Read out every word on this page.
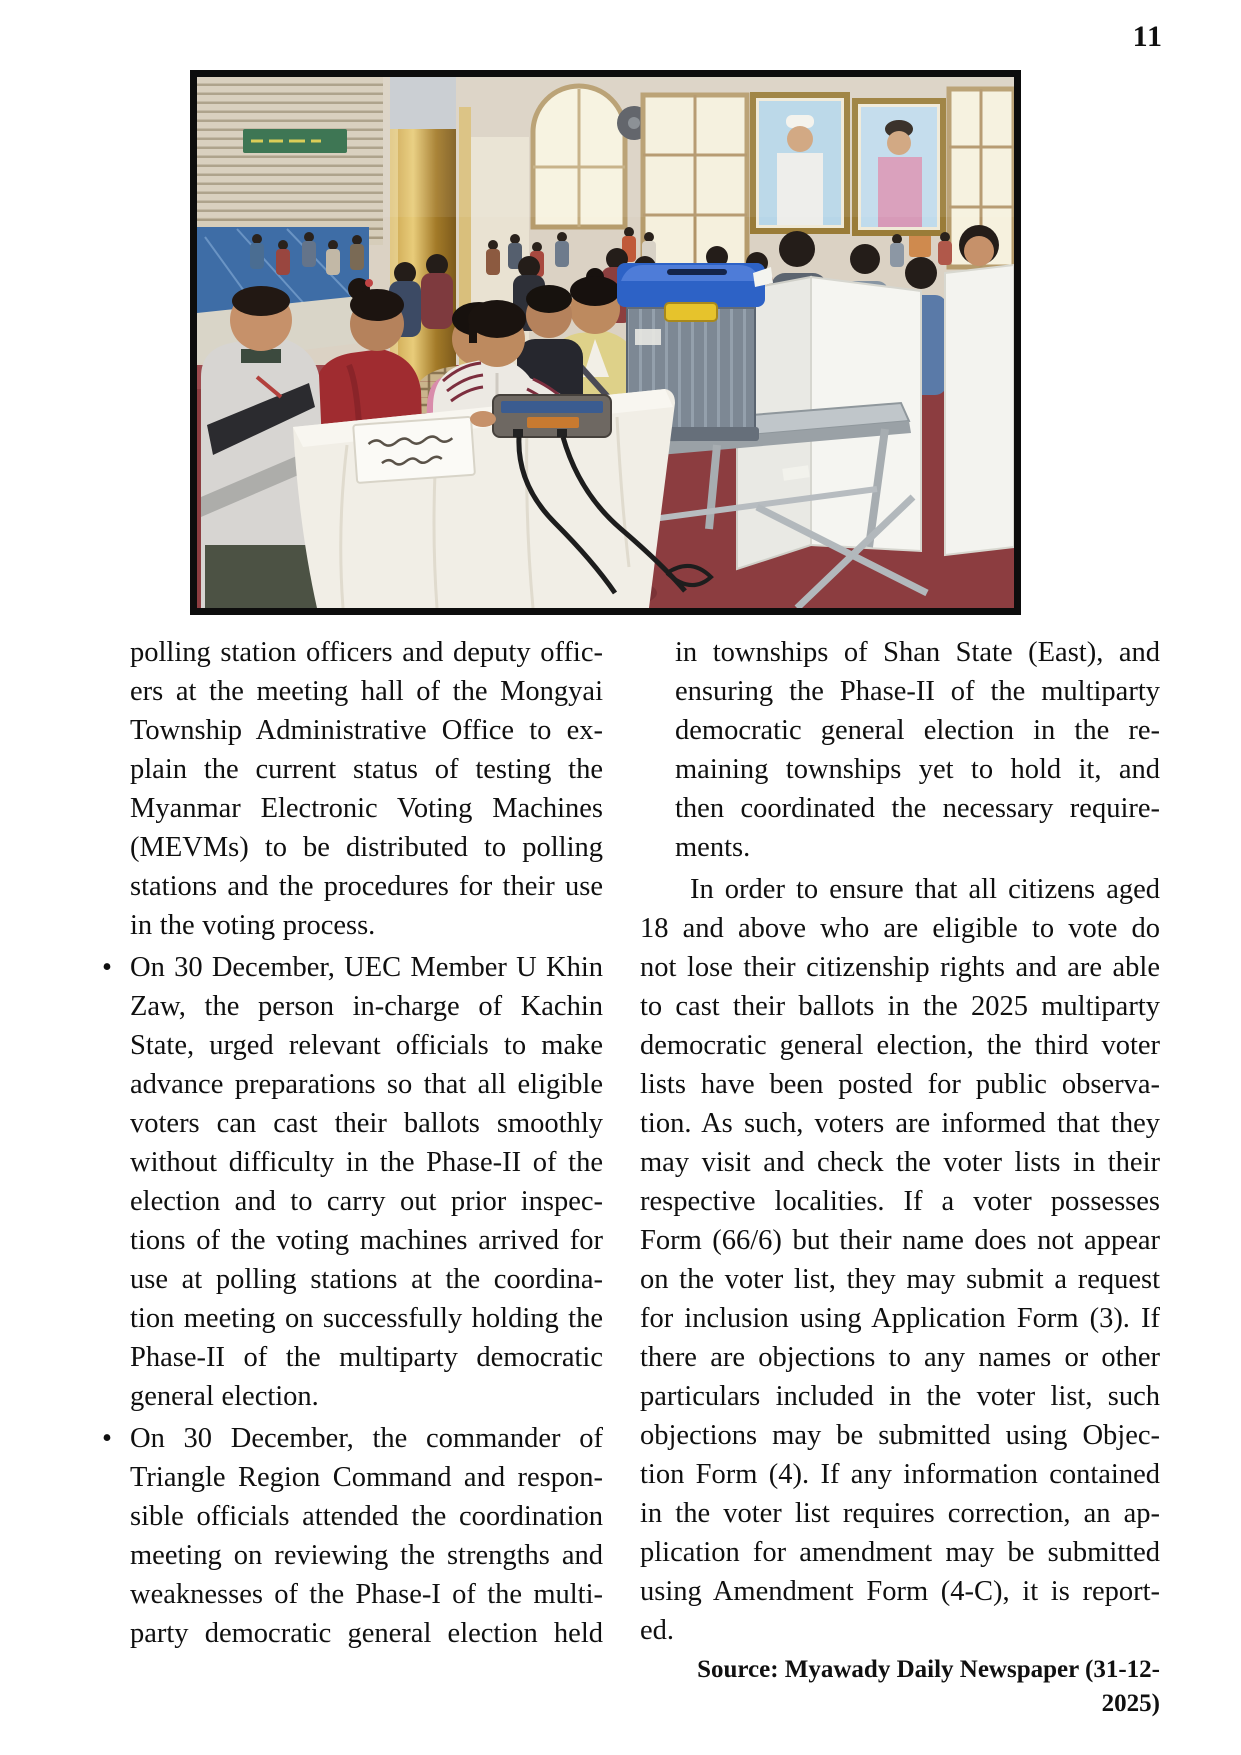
11
polling station officers and deputy offic-
ers at the meeting hall of the Mongyai
Township Administrative Office to ex-
plain the current status of testing the
Myanmar Electronic Voting Machines
(MEVMs) to be distributed to polling
stations and the procedures for their use
in the voting process.
• On 30 December, UEC Member U Khin
Zaw, the person in-charge of Kachin
State, urged relevant officials to make
advance preparations so that all eligible
voters can cast their ballots smoothly
without difficulty in the Phase-II of the
election and to carry out prior inspec-
tions of the voting machines arrived for
use at polling stations at the coordina-
tion meeting on successfully holding the
Phase-II of the multiparty democratic
general election.
• On 30 December, the commander of
Triangle Region Command and respon-
sible officials attended the coordination
meeting on reviewing the strengths and
weaknesses of the Phase-I of the multi-
party democratic general election held
in townships of Shan State (East), and
ensuring the Phase-II of the multiparty
democratic general election in the re-
maining townships yet to hold it, and
then coordinated the necessary require-
ments.
In order to ensure that all citizens aged
18 and above who are eligible to vote do
not lose their citizenship rights and are able
to cast their ballots in the 2025 multiparty
democratic general election, the third voter
lists have been posted for public observa-
tion. As such, voters are informed that they
may visit and check the voter lists in their
respective localities. If a voter possesses
Form (66/6) but their name does not appear
on the voter list, they may submit a request
for inclusion using Application Form (3). If
there are objections to any names or other
particulars included in the voter list, such
objections may be submitted using Objec-
tion Form (4). If any information contained
in the voter list requires correction, an ap-
plication for amendment may be submitted
using Amendment Form (4-C), it is report-
ed.
Source: Myawady Daily Newspaper (31-12-2025)
